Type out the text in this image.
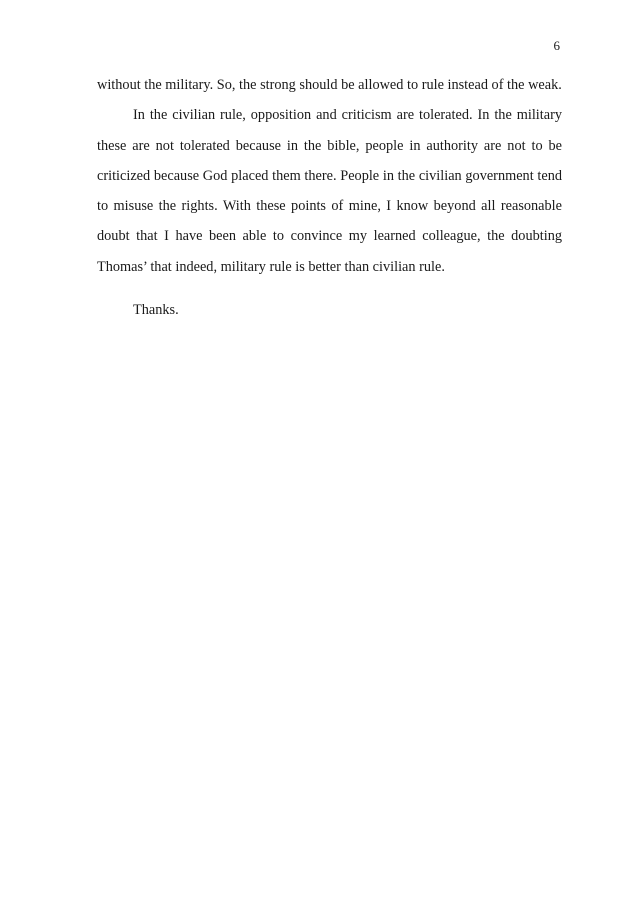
6

without the military. So, the strong should be allowed to rule instead of the weak.

In the civilian rule, opposition and criticism are tolerated. In the military these are not tolerated because in the bible, people in authority are not to be criticized because God placed them there. People in the civilian government tend to misuse the rights. With these points of mine, I know beyond all reasonable doubt that I have been able to convince my learned colleague, the doubting Thomas’ that indeed, military rule is better than civilian rule.

Thanks.
